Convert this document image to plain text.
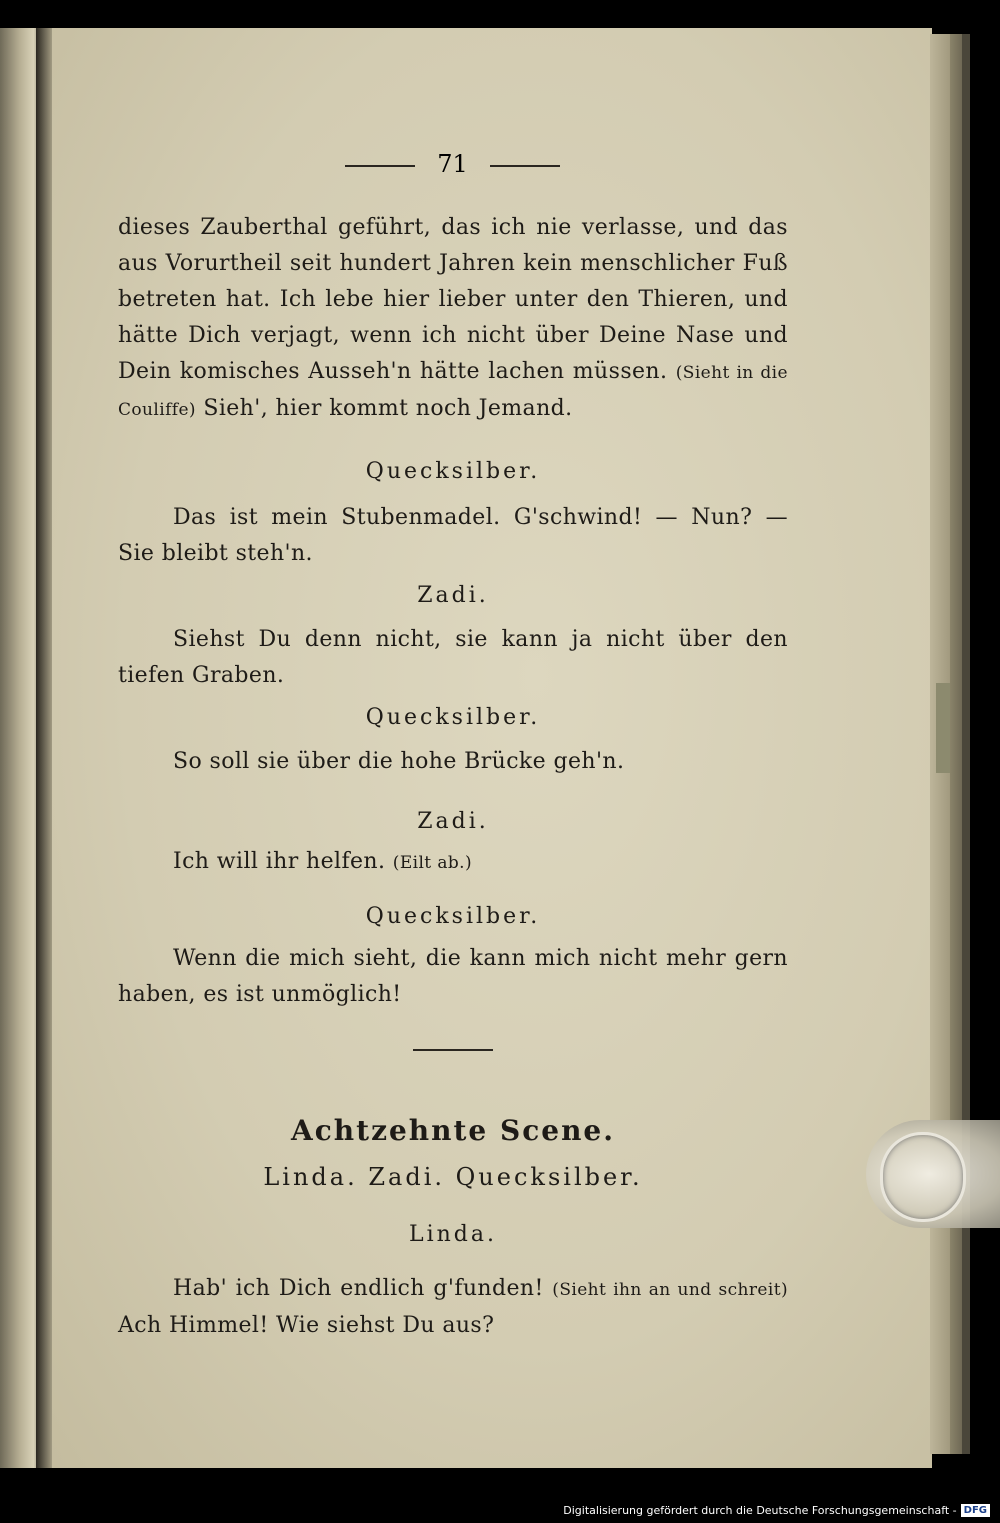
71

dieses Zauberthal geführt, das ich nie verlasse, und das aus Vorurtheil seit hundert Jahren kein menschlicher Fuß betreten hat. Ich lebe hier lieber unter den Thieren, und hätte Dich verjagt, wenn ich nicht über Deine Nase und Dein komisches Ausseh'n hätte lachen müssen. (Sieht in die Couliffe) Sieh', hier kommt noch Jemand.

Quecksilber.

Das ist mein Stubenmadel. G'schwind! — Nun? — Sie bleibt steh'n.

Zadi.

Siehst Du denn nicht, sie kann ja nicht über den tiefen Graben.

Quecksilber.

So soll sie über die hohe Brücke geh'n.

Zadi.

Ich will ihr helfen. (Eilt ab.)

Quecksilber.

Wenn die mich sieht, die kann mich nicht mehr gern haben, es ist unmöglich!

Achtzehnte Scene.

Linda. Zadi. Quecksilber.

Linda.

Hab' ich Dich endlich g'funden! (Sieht ihn an und schreit) Ach Himmel! Wie siehst Du aus?

Digitalisierung gefördert durch die Deutsche Forschungsgemeinschaft - DFG
